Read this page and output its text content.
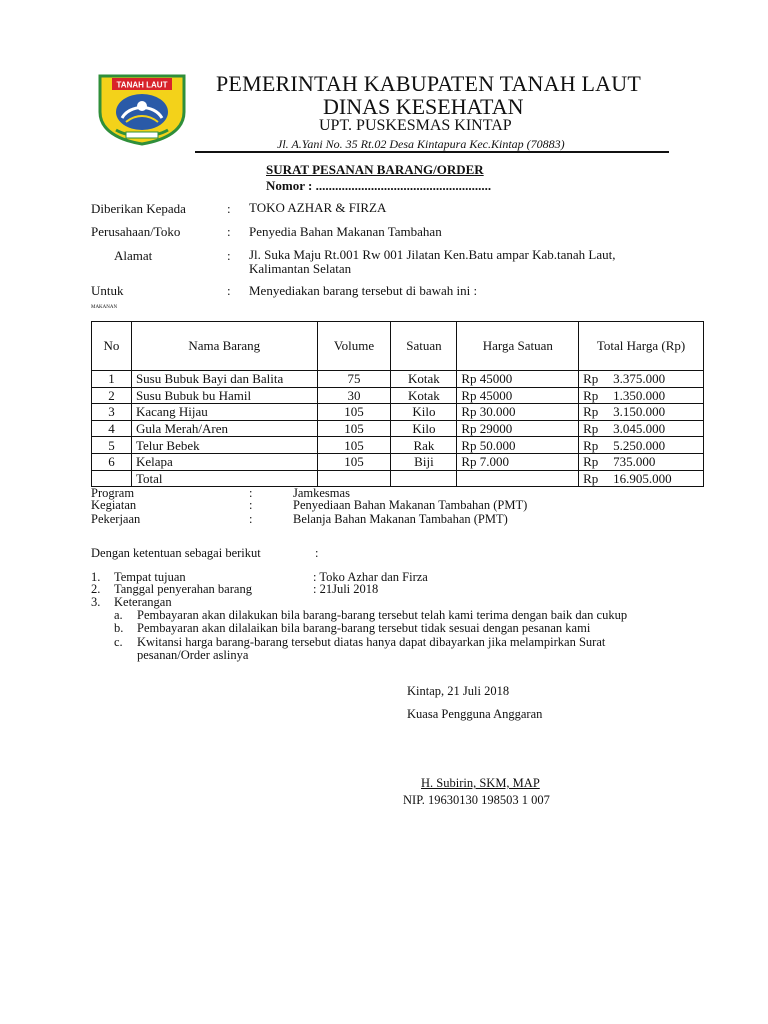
TANAH LAUT PEMERINTAH KABUPATEN TANAH LAUT
DINAS KESEHATAN
UPT. PUSKESMAS KINTAP
Jl. A.Yani No. 35 Rt.02 Desa Kintapura Kec.Kintap (70883)
SURAT PESANAN BARANG/ORDER
Nomor : ......................................................
Diberikan Kepada	: TOKO AZHAR & FIRZA
Perusahaan/Toko	: Penyedia Bahan Makanan Tambahan
Alamat	: Jl. Suka Maju Rt.001 Rw 001 Jilatan Ken.Batu ampar Kab.tanah Laut,
Kalimantan Selatan
Untuk	: Menyediakan barang tersebut di bawah ini :
MAKANAN
No	Nama Barang	Volume	Satuan	Harga Satuan	Total Harga (Rp)
1	Susu Bubuk Bayi dan Balita	75	Kotak	Rp 45000	Rp 3.375.000
2	Susu Bubuk bu Hamil	30	Kotak	Rp 45000	Rp 1.350.000
3	Kacang Hijau	105	Kilo	Rp 30.000	Rp 3.150.000
4	Gula Merah/Aren	105	Kilo	Rp 29000	Rp 3.045.000
5	Telur Bebek	105	Rak	Rp 50.000	Rp 5.250.000
6	Kelapa	105	Biji	Rp 7.000	Rp 735.000
	Total				Rp 16.905.000
Program	:	Jamkesmas
Kegiatan	:	Penyediaan Bahan Makanan Tambahan (PMT)
Pekerjaan	:	Belanja Bahan Makanan Tambahan (PMT)
Dengan ketentuan sebagai berikut	:
1. Tempat tujuan	: Toko Azhar dan Firza
2. Tanggal penyerahan barang	: 21Juli 2018
3. Keterangan
a. Pembayaran akan dilakukan bila barang-barang tersebut telah kami terima dengan baik dan cukup
b. Pembayaran akan dilalaikan bila barang-barang tersebut tidak sesuai dengan pesanan kami
c. Kwitansi harga barang-barang tersebut diatas hanya dapat dibayarkan jika melampirkan Surat
pesanan/Order aslinya
Kintap, 21 Juli 2018
Kuasa Pengguna Anggaran
H. Subirin, SKM, MAP
NIP. 19630130 198503 1 007
